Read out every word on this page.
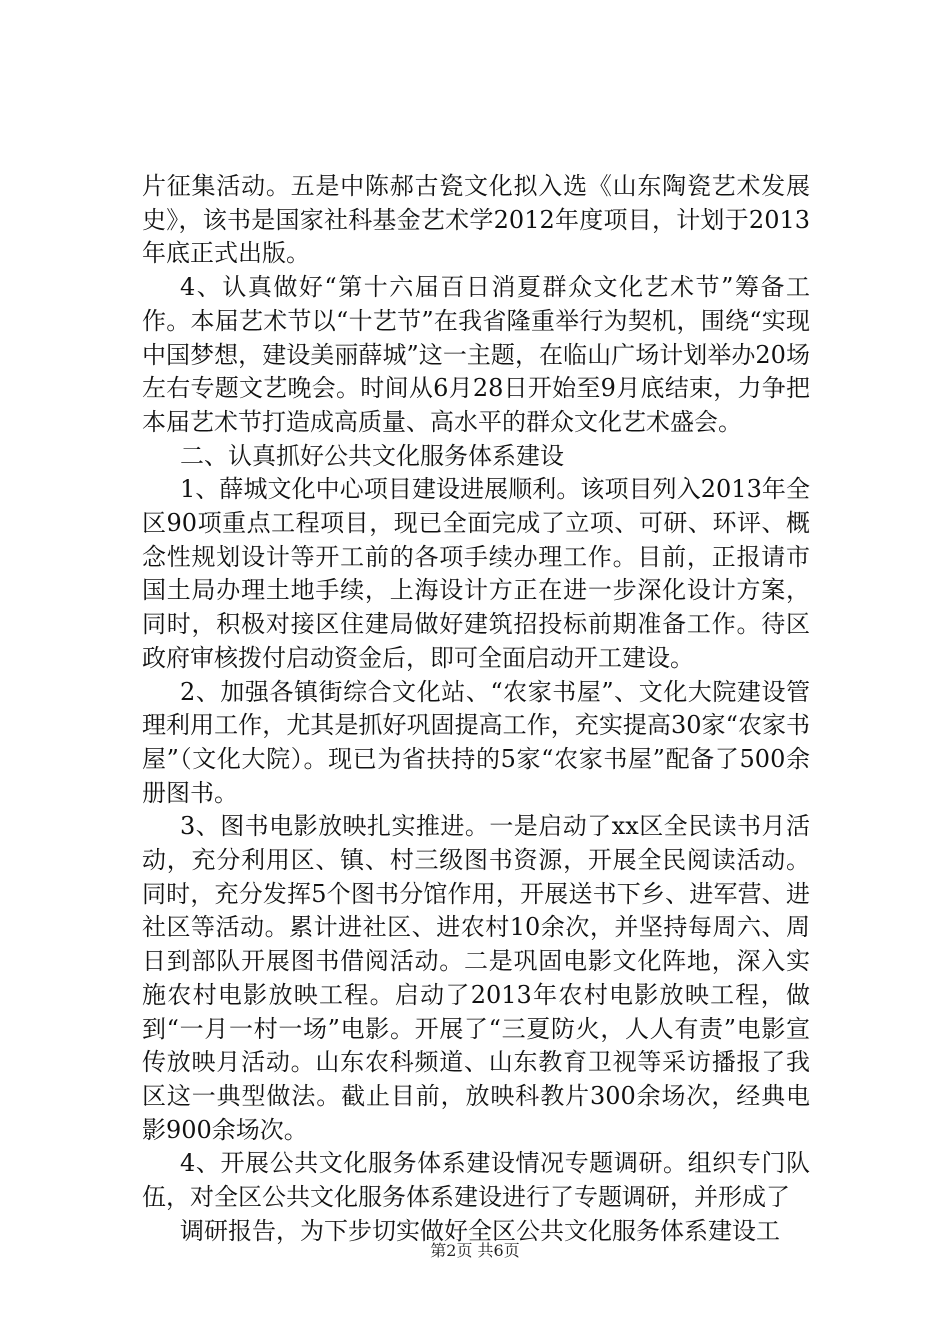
片征集活动。五是中陈郝古瓷文化拟入选《山东陶瓷艺术发展史》，该书是国家社科基金艺术学2012年度项目，计划于2013年底正式出版。

4、认真做好“第十六届百日消夏群众文化艺术节”筹备工作。本届艺术节以“十艺节”在我省隆重举行为契机，围绕“实现中国梦想，建设美丽薛城”这一主题，在临山广场计划举办20场左右专题文艺晚会。时间从6月28日开始至9月底结束，力争把本届艺术节打造成高质量、高水平的群众文化艺术盛会。

二、认真抓好公共文化服务体系建设

1、薛城文化中心项目建设进展顺利。该项目列入2013年全区90项重点工程项目，现已全面完成了立项、可研、环评、概念性规划设计等开工前的各项手续办理工作。目前，正报请市国土局办理土地手续，上海设计方正在进一步深化设计方案，同时，积极对接区住建局做好建筑招投标前期准备工作。待区政府审核拨付启动资金后，即可全面启动开工建设。

2、加强各镇街综合文化站、“农家书屋”、文化大院建设管理利用工作，尤其是抓好巩固提高工作，充实提高30家“农家书屋”（文化大院）。现已为省扶持的5家“农家书屋”配备了500余册图书。

3、图书电影放映扎实推进。一是启动了xx区全民读书月活动，充分利用区、镇、村三级图书资源，开展全民阅读活动。同时，充分发挥5个图书分馆作用，开展送书下乡、进军营、进社区等活动。累计进社区、进农村10余次，并坚持每周六、周日到部队开展图书借阅活动。二是巩固电影文化阵地，深入实施农村电影放映工程。启动了2013年农村电影放映工程，做到“一月一村一场”电影。开展了“三夏防火，人人有责”电影宣传放映月活动。山东农科频道、山东教育卫视等采访播报了我区这一典型做法。截止目前，放映科教片300余场次，经典电影900余场次。

4、开展公共文化服务体系建设情况专题调研。组织专门队伍，对全区公共文化服务体系建设进行了专题调研，并形成了

调研报告，为下步切实做好全区公共文化服务体系建设工

第2页 共6页
